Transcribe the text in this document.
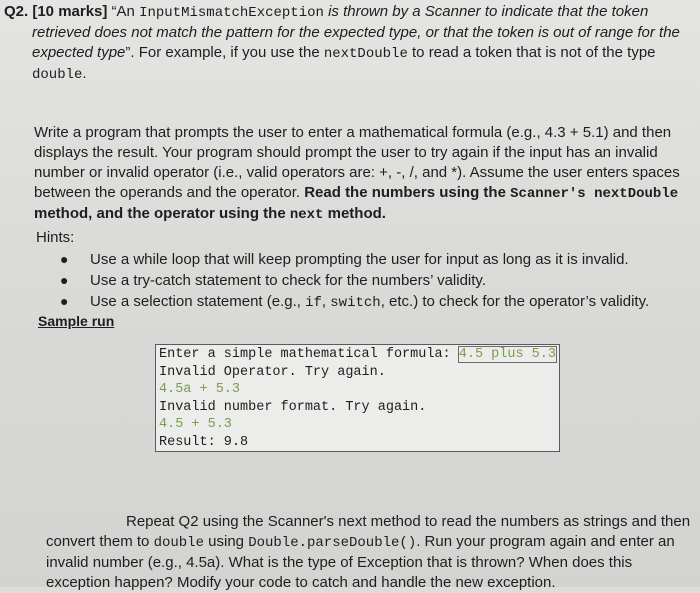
Q2. [10 marks] “An InputMismatchException is thrown by a Scanner to indicate that the token retrieved does not match the pattern for the expected type, or that the token is out of range for the expected type”. For example, if you use the nextDouble to read a token that is not of the type double.

Write a program that prompts the user to enter a mathematical formula (e.g., 4.3 + 5.1) and then displays the result. Your program should prompt the user to try again if the input has an invalid number or invalid operator (i.e., valid operators are: +, -, /, and *). Assume the user enters spaces between the operands and the operator. Read the numbers using the Scanner's nextDouble method, and the operator using the next method.

Hints:
● Use a while loop that will keep prompting the user for input as long as it is invalid.
● Use a try-catch statement to check for the numbers’ validity.
● Use a selection statement (e.g., if, switch, etc.) to check for the operator’s validity.
Sample run
Enter a simple mathematical formula: 4.5 plus 5.3
Invalid Operator. Try again.
4.5a + 5.3
Invalid number format. Try again.
4.5 + 5.3
Result: 9.8

Repeat Q2 using the Scanner's next method to read the numbers as strings and then convert them to double using Double.parseDouble(). Run your program again and enter an invalid number (e.g., 4.5a). What is the type of Exception that is thrown? When does this exception happen? Modify your code to catch and handle the new exception.
